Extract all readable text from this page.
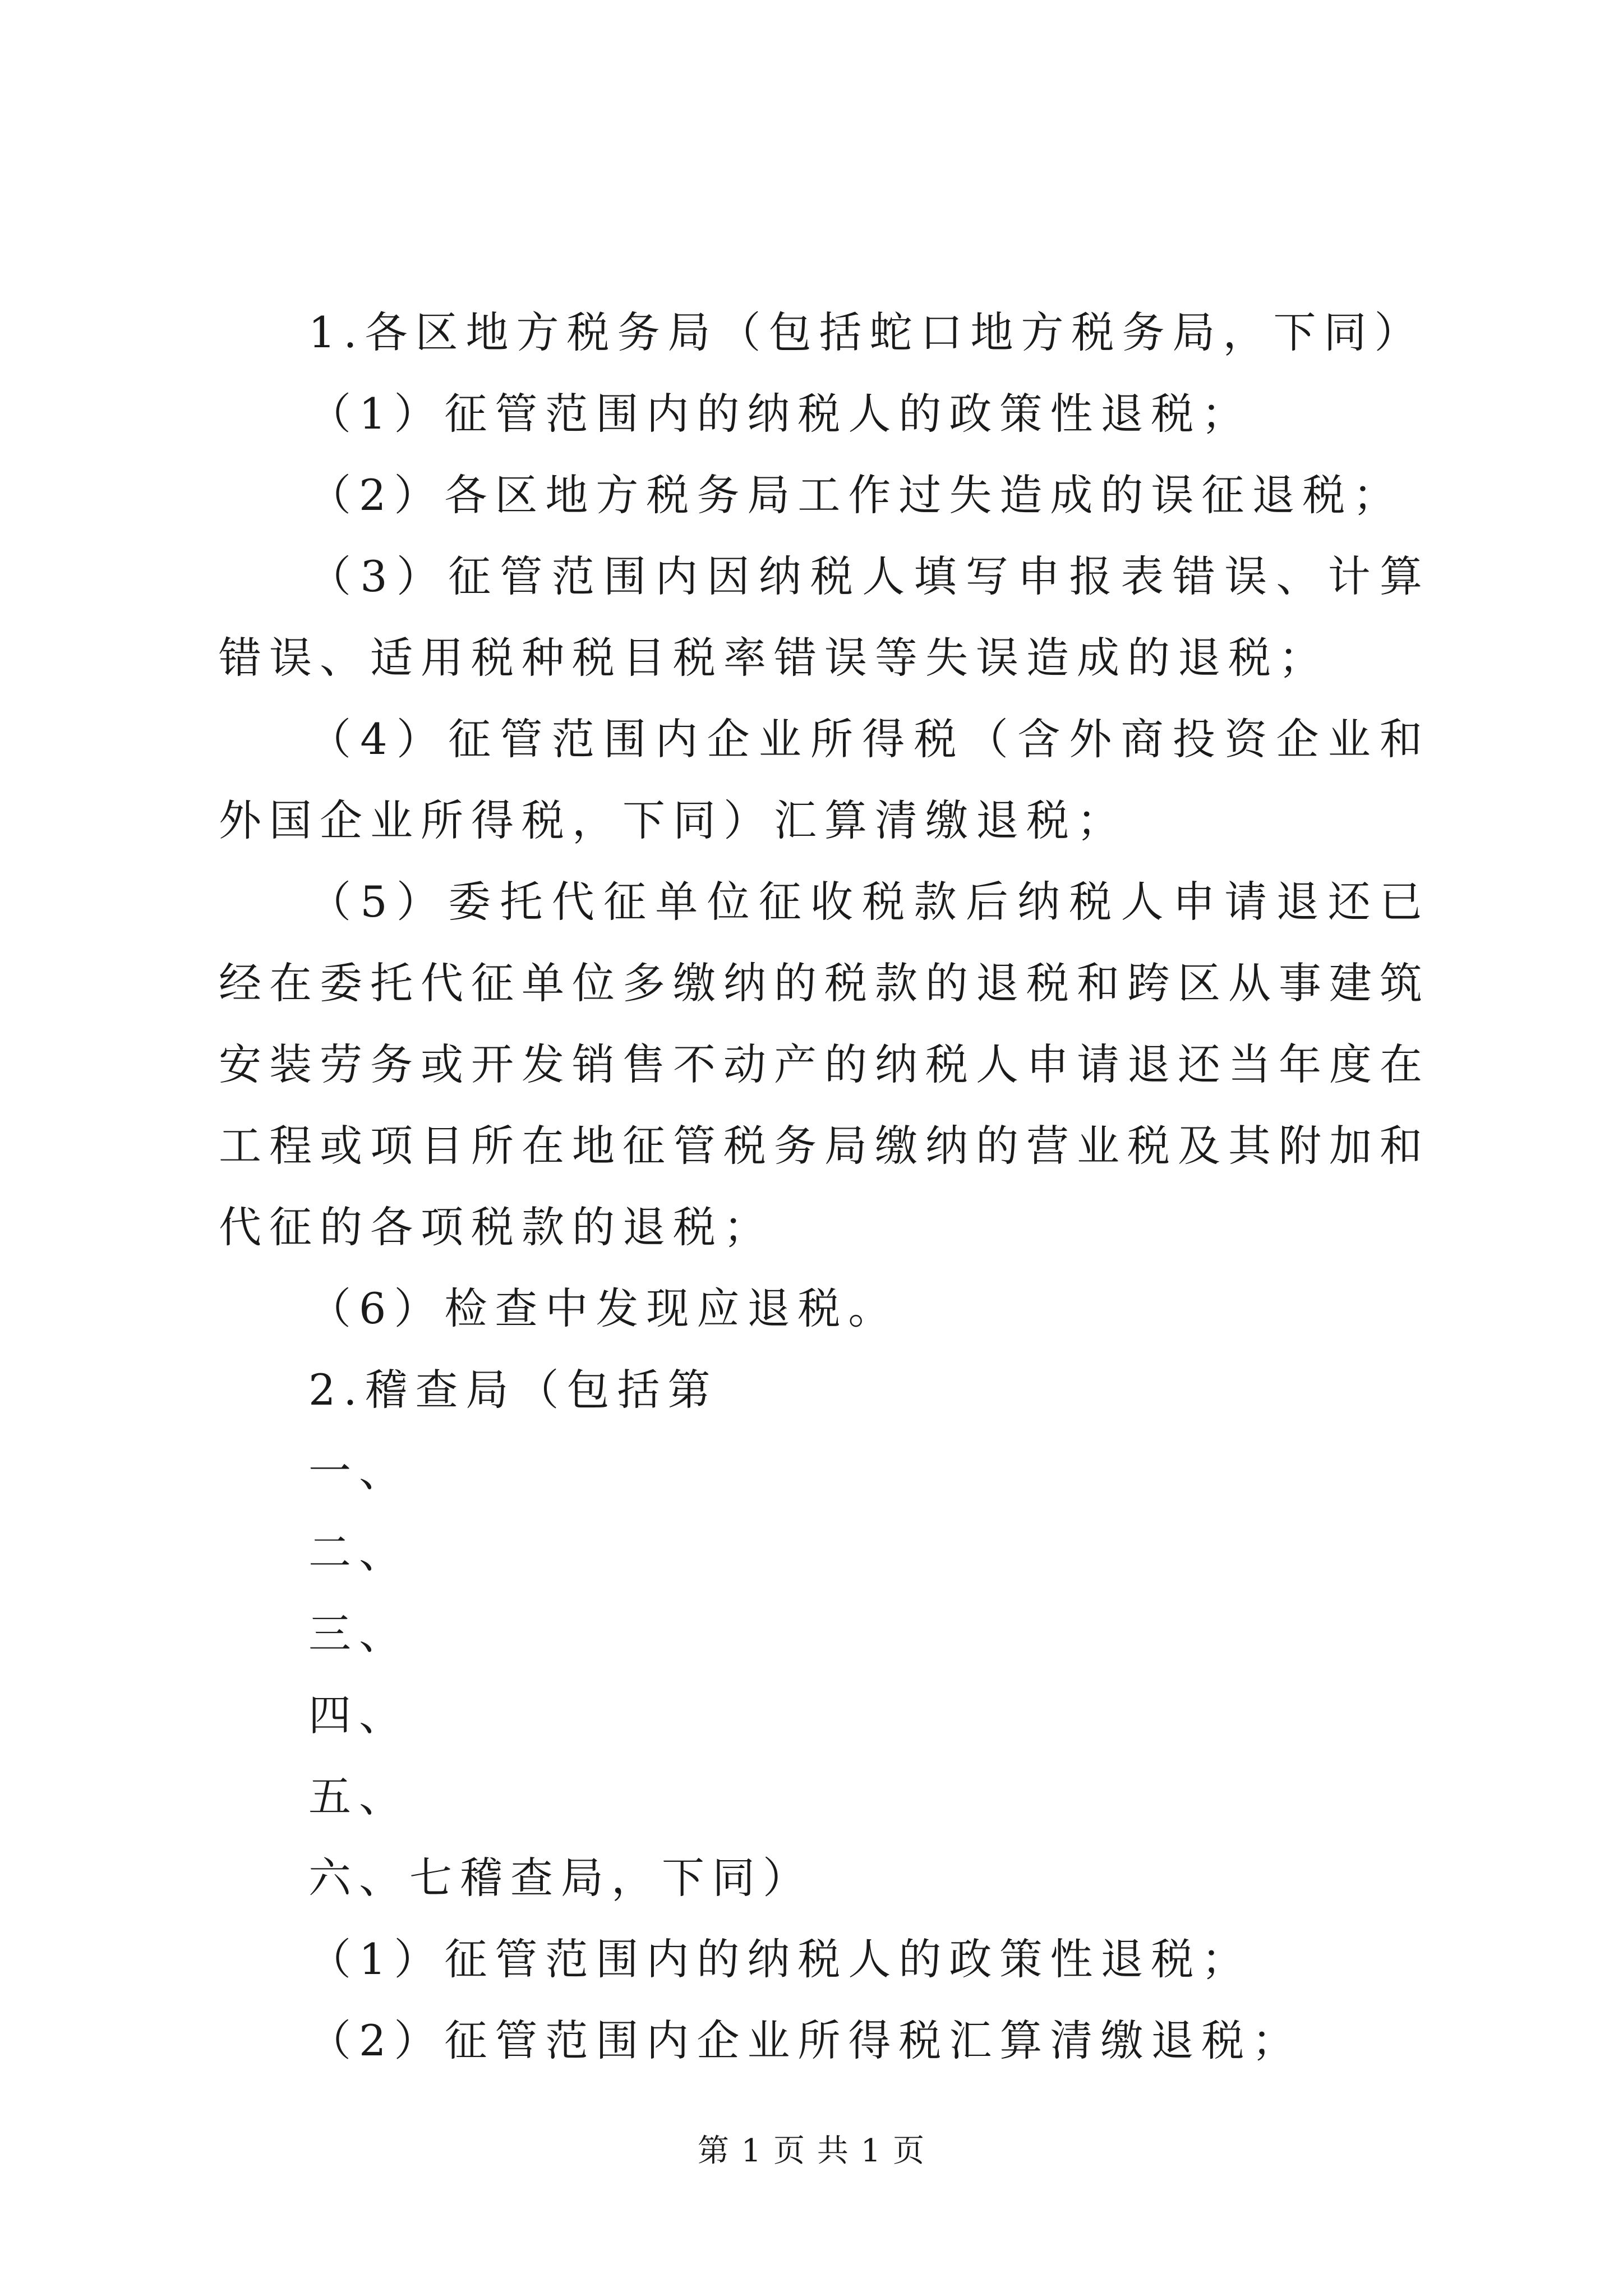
1.各区地方税务局（包括蛇口地方税务局，下同）

（1）征管范围内的纳税人的政策性退税；

（2）各区地方税务局工作过失造成的误征退税；

（3）征管范围内因纳税人填写申报表错误、计算错误、适用税种税目税率错误等失误造成的退税；

（4）征管范围内企业所得税（含外商投资企业和外国企业所得税，下同）汇算清缴退税；

（5）委托代征单位征收税款后纳税人申请退还已经在委托代征单位多缴纳的税款的退税和跨区从事建筑安装劳务或开发销售不动产的纳税人申请退还当年度在工程或项目所在地征管税务局缴纳的营业税及其附加和代征的各项税款的退税；

（6）检查中发现应退税。

2.稽查局（包括第

一、

二、

三、

四、

五、

六、七稽查局，下同）

（1）征管范围内的纳税人的政策性退税；

（2）征管范围内企业所得税汇算清缴退税；

第 1 页 共 1 页
